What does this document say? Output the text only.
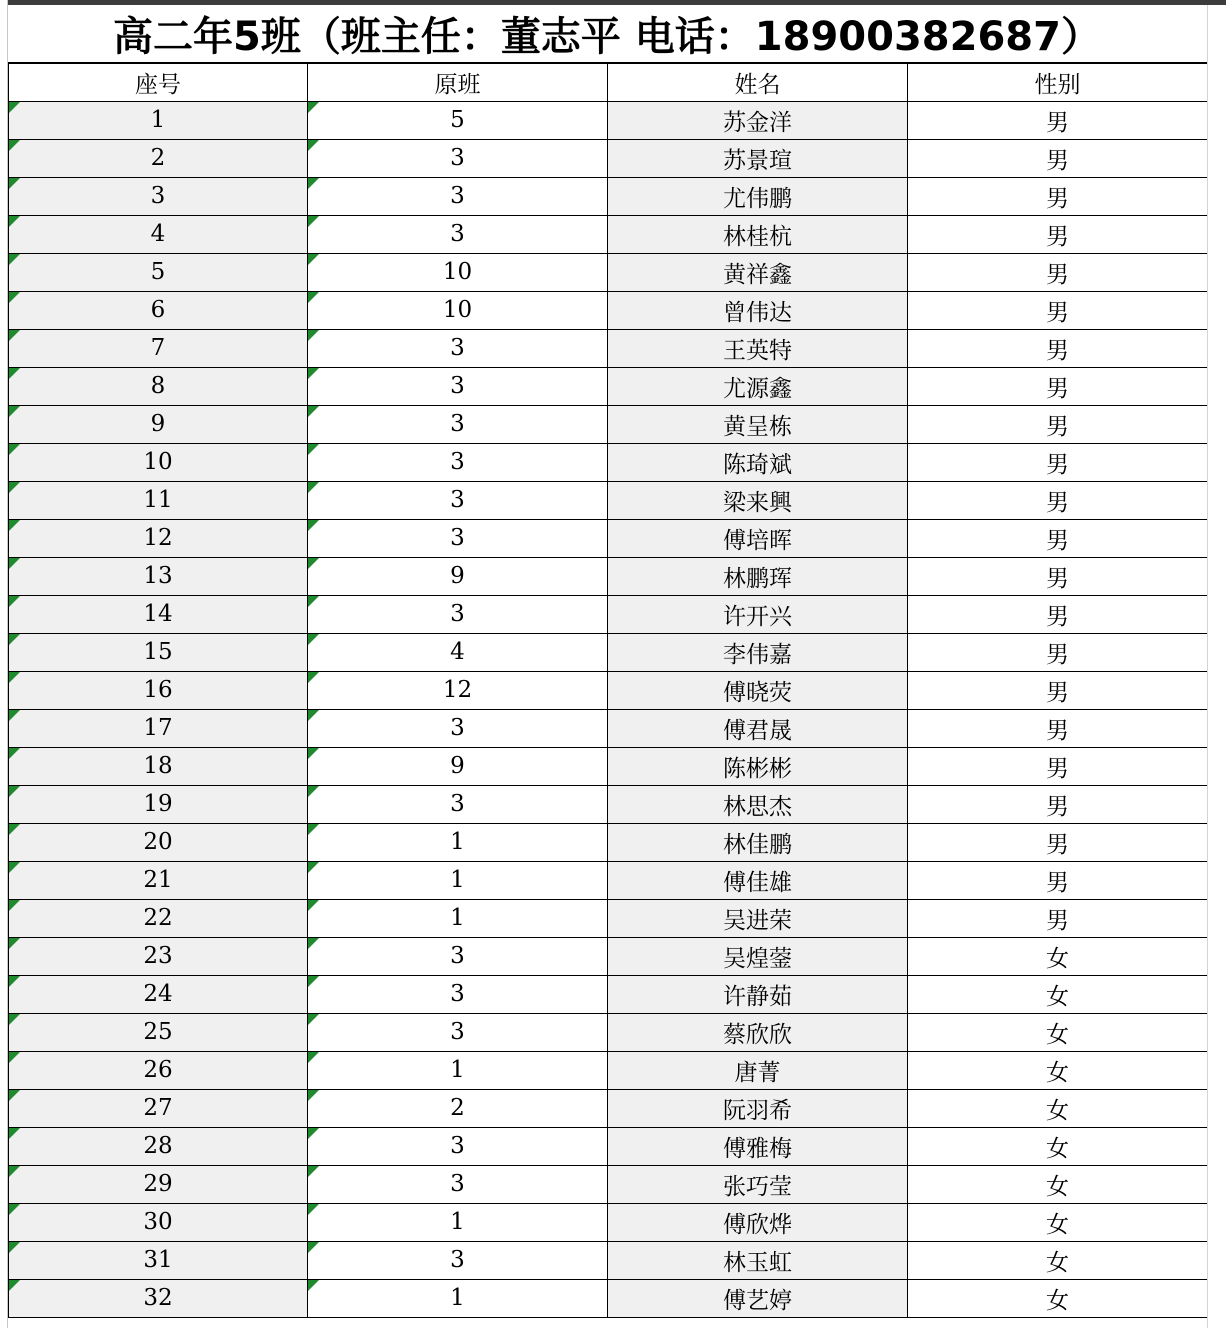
高二年5班（班主任：董志平 电话：18900382687）
座号	原班	姓名	性别
1	5	苏金洋	男
2	3	苏景瑄	男
3	3	尤伟鹏	男
4	3	林桂杭	男
5	10	黄祥鑫	男
6	10	曾伟达	男
7	3	王英特	男
8	3	尤源鑫	男
9	3	黄呈栋	男
10	3	陈琦斌	男
11	3	梁来興	男
12	3	傅培晖	男
13	9	林鹏珲	男
14	3	许开兴	男
15	4	李伟嘉	男
16	12	傅晓荧	男
17	3	傅君晟	男
18	9	陈彬彬	男
19	3	林思杰	男
20	1	林佳鹏	男
21	1	傅佳雄	男
22	1	吴进荣	男
23	3	吴煌蓥	女
24	3	许静茹	女
25	3	蔡欣欣	女
26	1	唐菁	女
27	2	阮羽希	女
28	3	傅雅梅	女
29	3	张巧莹	女
30	1	傅欣烨	女
31	3	林玉虹	女
32	1	傅艺婷	女
